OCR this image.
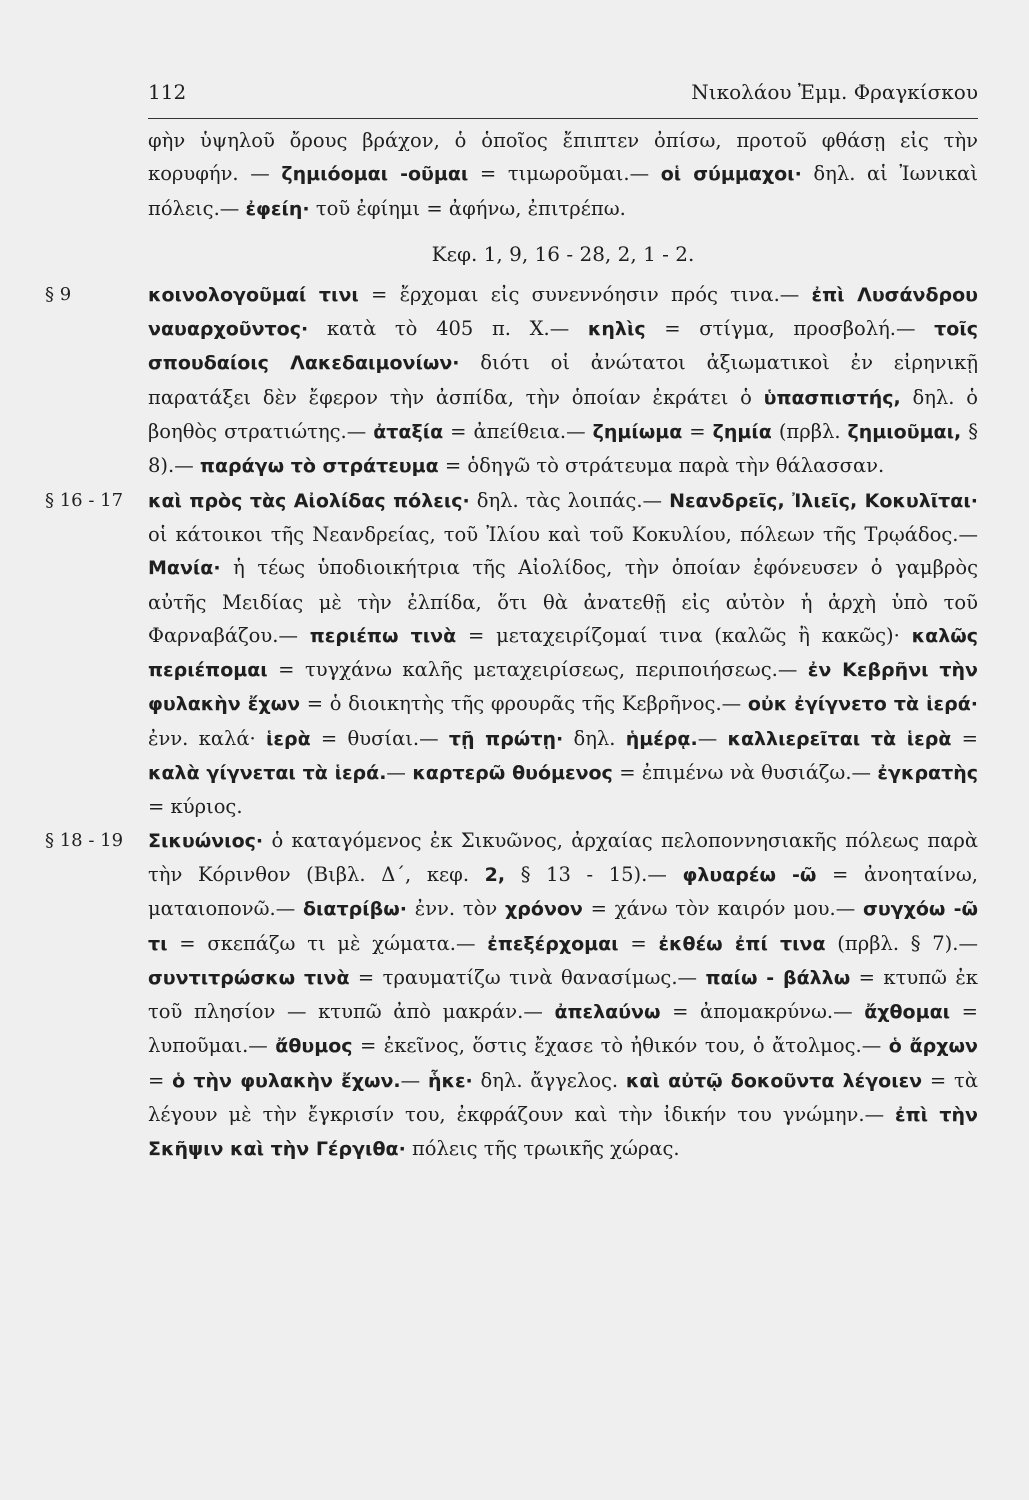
112	Νικολάου Ἐμμ. Φραγκίσκου
φὴν ὑψηλοῦ ὄρους βράχον, ὁ ὁποῖος ἔπιπτεν ὀπίσω, προτοῦ φθάσῃ εἰς τὴν κορυφήν. — ζημιόομαι -οῦμαι = τιμωροῦμαι.— οἱ σύμμαχοι· δηλ. αἱ Ἰωνικαὶ πόλεις.— ἐφείη· τοῦ ἐφίημι = ἀφήνω, ἐπιτρέπω.
Κεφ. 1, 9, 16 - 28, 2, 1 - 2.
§ 9	κοινολογοῦμαί τινι = ἔρχομαι εἰς συνεννόησιν πρός τινα.— ἐπὶ Λυσάνδρου ναυαρχοῦντος· κατὰ τὸ 405 π. Χ.— κηλὶς = στίγμα, προσβολή.— τοῖς σπουδαίοις Λακεδαιμονίων· διότι οἱ ἀνώτατοι ἀξιωματικοὶ ἐν εἰρηνικῇ παρατάξει δὲν ἔφερον τὴν ἀσπίδα, τὴν ὁποίαν ἐκράτει ὁ ὑπασπιστής, δηλ. ὁ βοηθὸς στρατιώτης.— ἀταξία = ἀπείθεια.— ζημίωμα = ζημία (πρβλ. ζημιοῦμαι, § 8).— παράγω τὸ στράτευμα = ὁδηγῶ τὸ στράτευμα παρὰ τὴν θάλασσαν.
§ 16 - 17	καὶ πρὸς τὰς Αἰολίδας πόλεις· δηλ. τὰς λοιπάς.— Νεανδρεῖς, Ἰλιεῖς, Κοκυλῖται· οἱ κάτοικοι τῆς Νεανδρείας, τοῦ Ἰλίου καὶ τοῦ Κοκυλίου, πόλεων τῆς Τρῳάδος.— Μανία· ἡ τέως ὑποδιοικήτρια τῆς Αἰολίδος, τὴν ὁποίαν ἐφόνευσεν ὁ γαμβρὸς αὐτῆς Μειδίας μὲ τὴν ἐλπίδα, ὅτι θὰ ἀνατεθῇ εἰς αὐτὸν ἡ ἀρχὴ ὑπὸ τοῦ Φαρναβάζου.— περιέπω τινὰ = μεταχειρίζομαί τινα (καλῶς ἢ κακῶς)· καλῶς περιέπομαι = τυγχάνω καλῆς μεταχειρίσεως, περιποιήσεως.— ἐν Κεβρῆνι τὴν φυλακὴν ἔχων = ὁ διοικητὴς τῆς φρουρᾶς τῆς Κεβρῆνος.— οὐκ ἐγίγνετο τὰ ἱερά· ἐνν. καλά· ἱερὰ = θυσίαι.— τῇ πρώτῃ· δηλ. ἡμέρᾳ.— καλλιερεῖται τὰ ἱερὰ = καλὰ γίγνεται τὰ ἱερά.— καρτερῶ θυόμενος = ἐπιμένω νὰ θυσιάζω.— ἐγκρατὴς = κύριος.
§ 18 - 19	Σικυώνιος· ὁ καταγόμενος ἐκ Σικυῶνος, ἀρχαίας πελοποννησιακῆς πόλεως παρὰ τὴν Κόρινθον (Βιβλ. Δ΄, κεφ. 2, § 13 - 15).— φλυαρέω -ῶ = ἀνοηταίνω, ματαιοπονῶ.— διατρίβω· ἐνν. τὸν χρόνον = χάνω τὸν καιρόν μου.— συγχόω -ῶ τι = σκεπάζω τι μὲ χώματα.— ἐπεξέρχομαι = ἐκθέω ἐπί τινα (πρβλ. § 7).— συντιτρώσκω τινὰ = τραυματίζω τινὰ θανασίμως.— παίω - βάλλω = κτυπῶ ἐκ τοῦ πλησίον — κτυπῶ ἀπὸ μακράν.— ἀπελαύνω = ἀπομακρύνω.— ἄχθομαι = λυποῦμαι.— ἄθυμος = ἐκεῖνος, ὅστις ἔχασε τὸ ἠθικόν του, ὁ ἄτολμος.— ὁ ἄρχων = ὁ τὴν φυλακὴν ἔχων.— ἧκε· δηλ. ἄγγελος. καὶ αὐτῷ δοκοῦντα λέγοιεν = τὰ λέγουν μὲ τὴν ἔγκρισίν του, ἐκφράζουν καὶ τὴν ἰδικήν του γνώμην.— ἐπὶ τὴν Σκῆψιν καὶ τὴν Γέργιθα· πόλεις τῆς τρωικῆς χώρας.
